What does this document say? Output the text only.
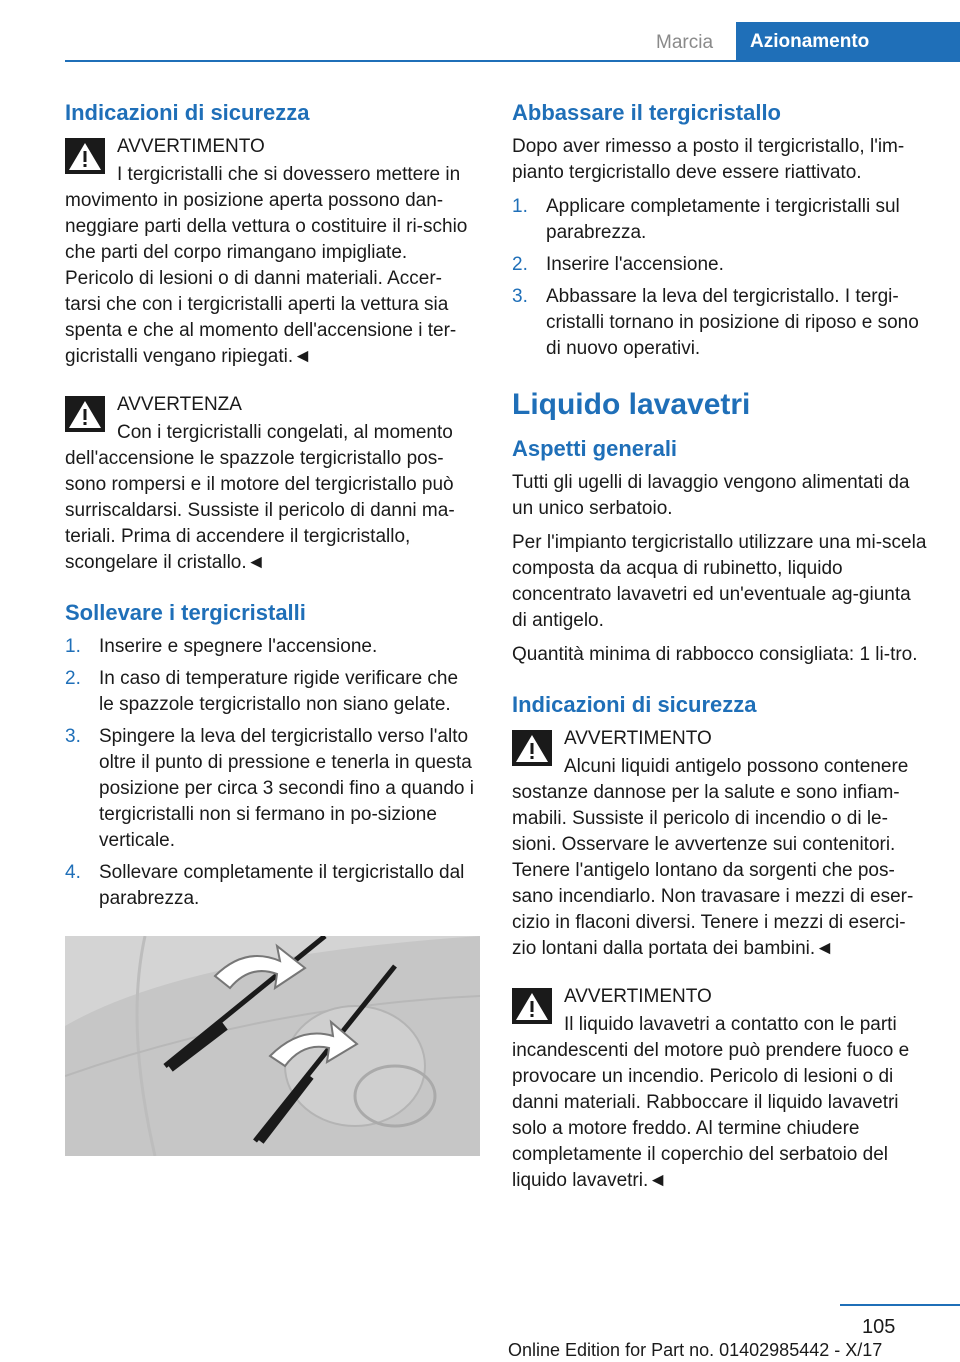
Marcia	Azionamento
Indicazioni di sicurezza
AVVERTIMENTO

I tergicristalli che si dovessero mettere in movimento in posizione aperta possono dan‐neggiare parti della vettura o costituire il ri‐schio che parti del corpo rimangano impigliate. Pericolo di lesioni o di danni materiali. Accer‐tarsi che con i tergicristalli aperti la vettura sia spenta e che al momento dell'accensione i ter‐gicristalli vengano ripiegati.◄

AVVERTENZA

Con i tergicristalli congelati, al momento dell'accensione le spazzole tergicristallo pos‐sono rompersi e il motore del tergicristallo può surriscaldarsi. Sussiste il pericolo di danni ma‐teriali. Prima di accendere il tergicristallo, scongelare il cristallo.◄

Sollevare i tergicristalli
1. Inserire e spegnere l'accensione.
2. In caso di temperature rigide verificare che le spazzole tergicristallo non siano gelate.
3. Spingere la leva del tergicristallo verso l'alto oltre il punto di pressione e tenerla in questa posizione per circa 3 secondi fino a quando i tergicristalli non si fermano in po‐sizione verticale.
4. Sollevare completamente il tergicristallo dal parabrezza.
Abbassare il tergicristallo

Dopo aver rimesso a posto il tergicristallo, l'im‐pianto tergicristallo deve essere riattivato.

1. Applicare completamente i tergicristalli sul parabrezza.
2. Inserire l'accensione.
3. Abbassare la leva del tergicristallo. I tergi‐cristalli tornano in posizione di riposo e sono di nuovo operativi.
Liquido lavavetri
Aspetti generali

Tutti gli ugelli di lavaggio vengono alimentati da un unico serbatoio.

Per l'impianto tergicristallo utilizzare una mi‐scela composta da acqua di rubinetto, liquido concentrato lavavetri ed un'eventuale ag‐giunta di antigelo.

Quantità minima di rabbocco consigliata: 1 li‐tro.

Indicazioni di sicurezza
AVVERTIMENTO

Alcuni liquidi antigelo possono contenere sostanze dannose per la salute e sono infiam‐mabili. Sussiste il pericolo di incendio o di le‐sioni. Osservare le avvertenze sui contenitori. Tenere l'antigelo lontano da sorgenti che pos‐sano incendiarlo. Non travasare i mezzi di eser‐cizio in flaconi diversi. Tenere i mezzi di eserci‐zio lontani dalla portata dei bambini.◄

AVVERTIMENTO

Il liquido lavavetri a contatto con le parti incandescenti del motore può prendere fuoco e provocare un incendio. Pericolo di lesioni o di danni materiali. Rabboccare il liquido lavavetri solo a motore freddo. Al termine chiudere completamente il coperchio del serbatoio del liquido lavavetri.◄

105
Online Edition for Part no. 01402985442 - X/17
